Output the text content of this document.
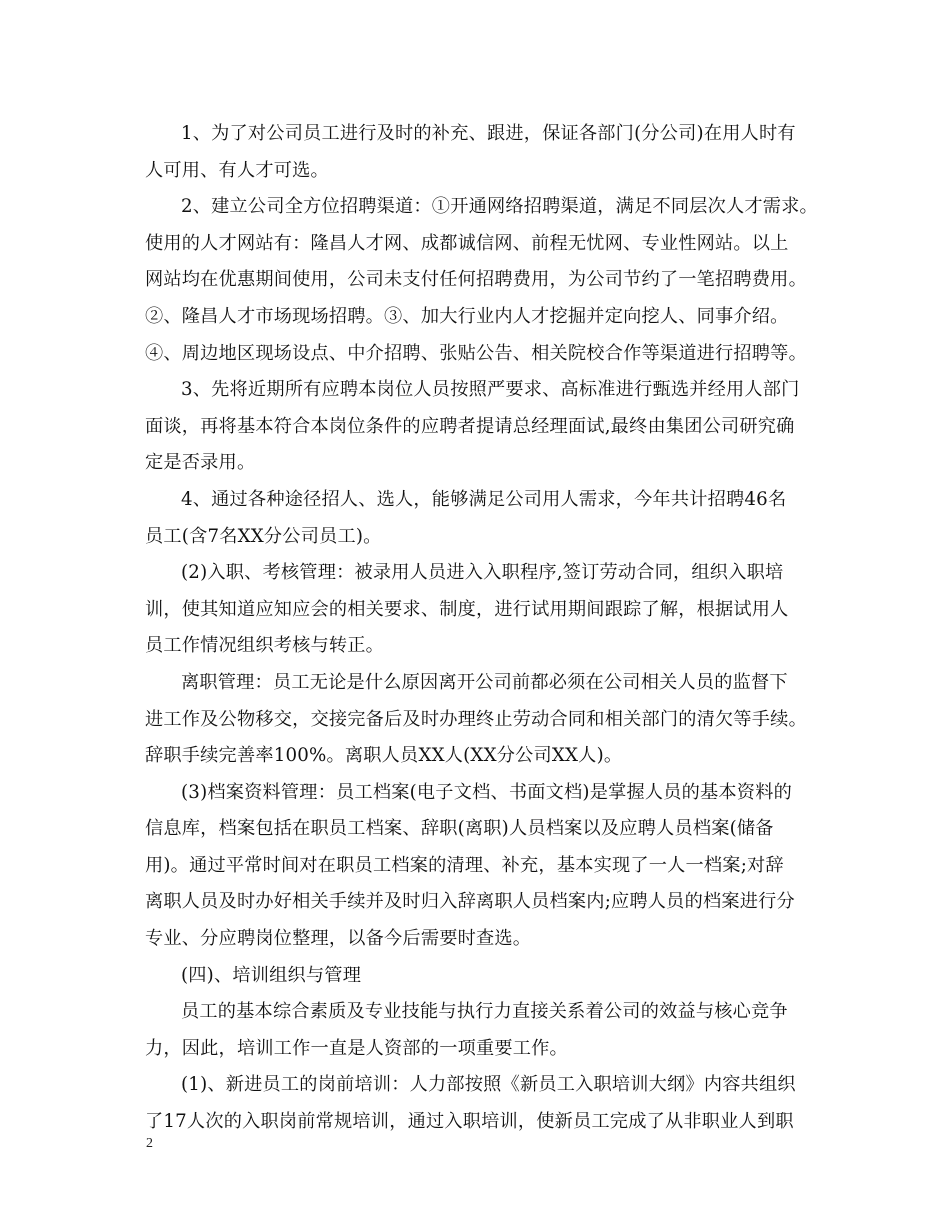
1、为了对公司员工进行及时的补充、跟进，保证各部门(分公司)在用人时有
人可用、有人才可选。
2、建立公司全方位招聘渠道：①开通网络招聘渠道，满足不同层次人才需求。
使用的人才网站有：隆昌人才网、成都诚信网、前程无忧网、专业性网站。以上
网站均在优惠期间使用，公司未支付任何招聘费用，为公司节约了一笔招聘费用。
②、隆昌人才市场现场招聘。③、加大行业内人才挖掘并定向挖人、同事介绍。
④、周边地区现场设点、中介招聘、张贴公告、相关院校合作等渠道进行招聘等。
3、先将近期所有应聘本岗位人员按照严要求、高标准进行甄选并经用人部门
面谈，再将基本符合本岗位条件的应聘者提请总经理面试,最终由集团公司研究确
定是否录用。
4、通过各种途径招人、选人，能够满足公司用人需求，今年共计招聘46名
员工(含7名XX分公司员工)。
(2)入职、考核管理：被录用人员进入入职程序,签订劳动合同，组织入职培
训，使其知道应知应会的相关要求、制度，进行试用期间跟踪了解，根据试用人
员工作情况组织考核与转正。
离职管理：员工无论是什么原因离开公司前都必须在公司相关人员的监督下
进工作及公物移交，交接完备后及时办理终止劳动合同和相关部门的清欠等手续。
辞职手续完善率100%。离职人员XX人(XX分公司XX人)。
(3)档案资料管理：员工档案(电子文档、书面文档)是掌握人员的基本资料的
信息库，档案包括在职员工档案、辞职(离职)人员档案以及应聘人员档案(储备
用)。通过平常时间对在职员工档案的清理、补充，基本实现了一人一档案;对辞
离职人员及时办好相关手续并及时归入辞离职人员档案内;应聘人员的档案进行分
专业、分应聘岗位整理，以备今后需要时查选。
(四)、培训组织与管理
员工的基本综合素质及专业技能与执行力直接关系着公司的效益与核心竞争
力，因此，培训工作一直是人资部的一项重要工作。
(1)、新进员工的岗前培训：人力部按照《新员工入职培训大纲》内容共组织
了17人次的入职岗前常规培训，通过入职培训，使新员工完成了从非职业人到职
2
